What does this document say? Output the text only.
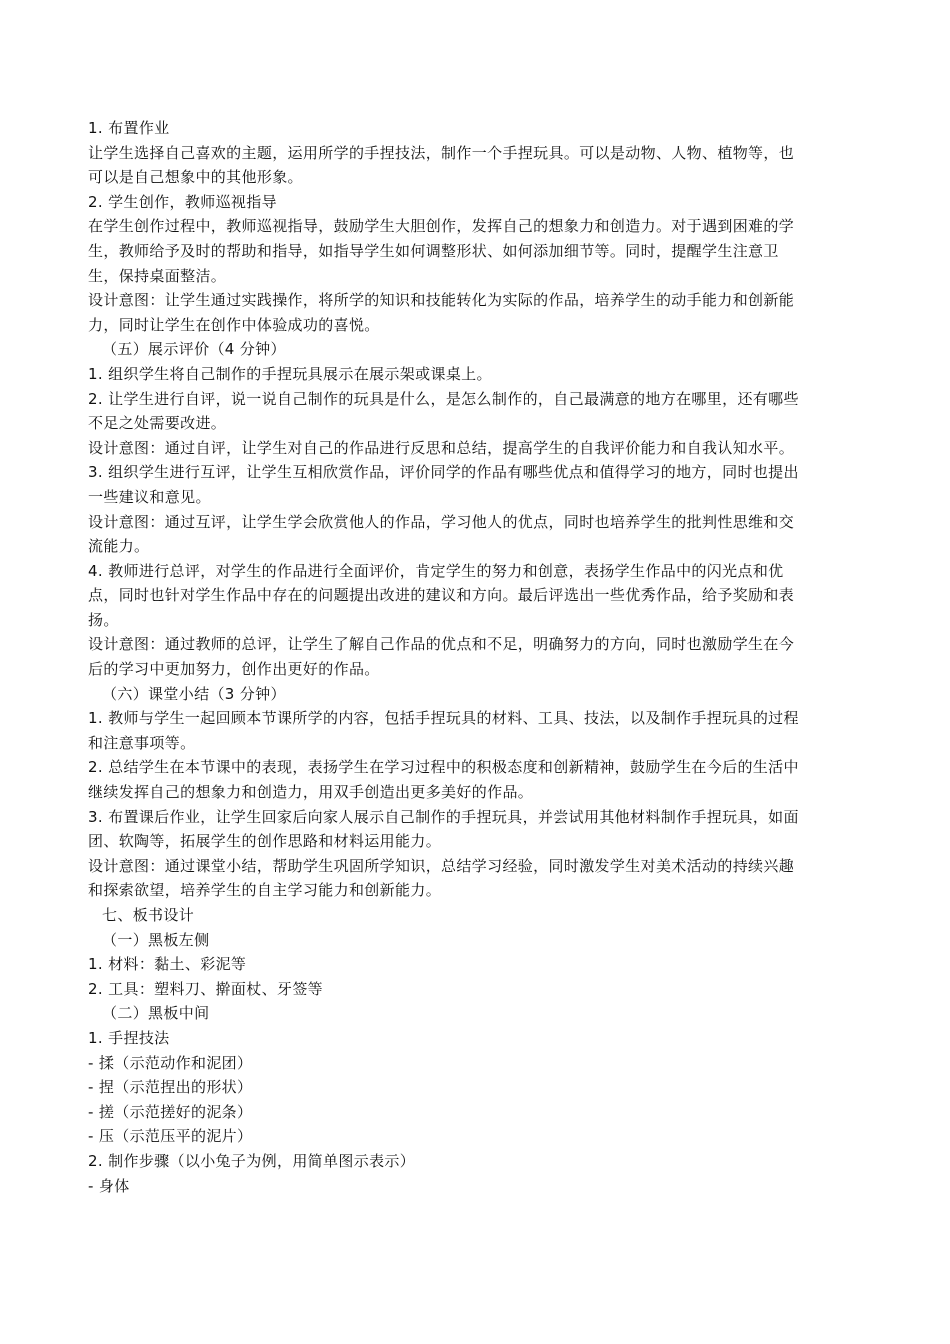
1. 布置作业
让学生选择自己喜欢的主题，运用所学的手捏技法，制作一个手捏玩具。可以是动物、人物、植物等，也
可以是自己想象中的其他形象。
2. 学生创作，教师巡视指导
在学生创作过程中，教师巡视指导，鼓励学生大胆创作，发挥自己的想象力和创造力。对于遇到困难的学
生，教师给予及时的帮助和指导，如指导学生如何调整形状、如何添加细节等。同时，提醒学生注意卫
生，保持桌面整洁。
设计意图：让学生通过实践操作，将所学的知识和技能转化为实际的作品，培养学生的动手能力和创新能
力，同时让学生在创作中体验成功的喜悦。
（五）展示评价（4 分钟）
1. 组织学生将自己制作的手捏玩具展示在展示架或课桌上。
2. 让学生进行自评，说一说自己制作的玩具是什么，是怎么制作的，自己最满意的地方在哪里，还有哪些
不足之处需要改进。
设计意图：通过自评，让学生对自己的作品进行反思和总结，提高学生的自我评价能力和自我认知水平。
3. 组织学生进行互评，让学生互相欣赏作品，评价同学的作品有哪些优点和值得学习的地方，同时也提出
一些建议和意见。
设计意图：通过互评，让学生学会欣赏他人的作品，学习他人的优点，同时也培养学生的批判性思维和交
流能力。
4. 教师进行总评，对学生的作品进行全面评价，肯定学生的努力和创意，表扬学生作品中的闪光点和优
点，同时也针对学生作品中存在的问题提出改进的建议和方向。最后评选出一些优秀作品，给予奖励和表
扬。
设计意图：通过教师的总评，让学生了解自己作品的优点和不足，明确努力的方向，同时也激励学生在今
后的学习中更加努力，创作出更好的作品。
（六）课堂小结（3 分钟）
1. 教师与学生一起回顾本节课所学的内容，包括手捏玩具的材料、工具、技法，以及制作手捏玩具的过程
和注意事项等。
2. 总结学生在本节课中的表现，表扬学生在学习过程中的积极态度和创新精神，鼓励学生在今后的生活中
继续发挥自己的想象力和创造力，用双手创造出更多美好的作品。
3. 布置课后作业，让学生回家后向家人展示自己制作的手捏玩具，并尝试用其他材料制作手捏玩具，如面
团、软陶等，拓展学生的创作思路和材料运用能力。
设计意图：通过课堂小结，帮助学生巩固所学知识，总结学习经验，同时激发学生对美术活动的持续兴趣
和探索欲望，培养学生的自主学习能力和创新能力。
七、板书设计
（一）黑板左侧
1. 材料：黏土、彩泥等
2. 工具：塑料刀、擀面杖、牙签等
（二）黑板中间
1. 手捏技法
- 揉（示范动作和泥团）
- 捏（示范捏出的形状）
- 搓（示范搓好的泥条）
- 压（示范压平的泥片）
2. 制作步骤（以小兔子为例，用简单图示表示）
- 身体
